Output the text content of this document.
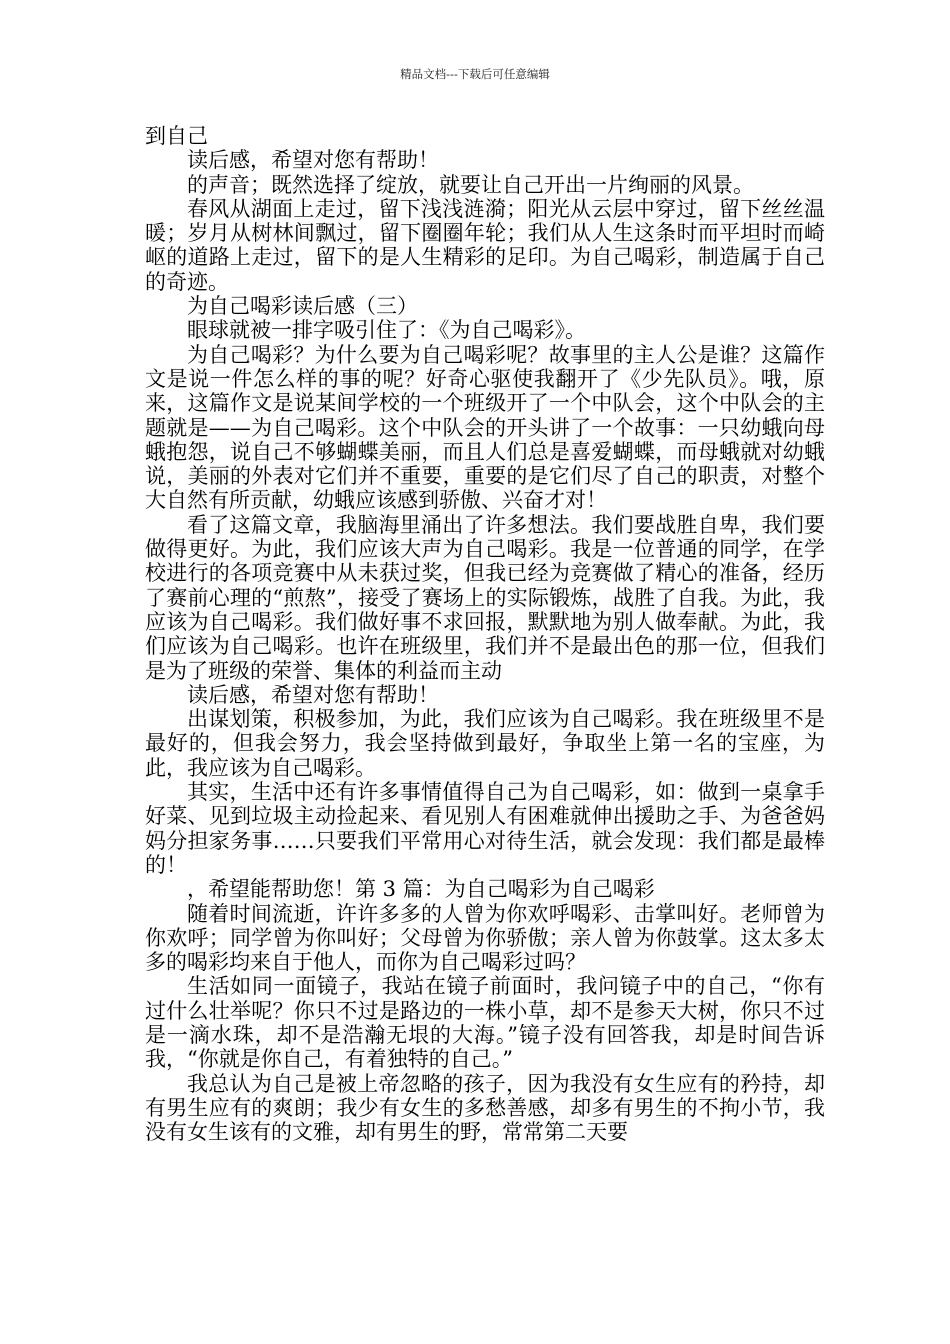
精品文档---下载后可任意编辑

到自己

读后感，希望对您有帮助！

的声音；既然选择了绽放，就要让自己开出一片绚丽的风景。

春风从湖面上走过，留下浅浅涟漪；阳光从云层中穿过，留下丝丝温暖；岁月从树林间飘过，留下圈圈年轮；我们从人生这条时而平坦时而崎岖的道路上走过，留下的是人生精彩的足印。为自己喝彩，制造属于自己的奇迹。

为自己喝彩读后感（三）

眼球就被一排字吸引住了：《为自己喝彩》。

为自己喝彩？为什么要为自己喝彩呢？故事里的主人公是谁？这篇作文是说一件怎么样的事的呢？好奇心驱使我翻开了《少先队员》。哦，原来，这篇作文是说某间学校的一个班级开了一个中队会，这个中队会的主题就是——为自己喝彩。这个中队会的开头讲了一个故事：一只幼蛾向母蛾抱怨，说自己不够蝴蝶美丽，而且人们总是喜爱蝴蝶，而母蛾就对幼蛾说，美丽的外表对它们并不重要，重要的是它们尽了自己的职责，对整个大自然有所贡献，幼蛾应该感到骄傲、兴奋才对！

看了这篇文章，我脑海里涌出了许多想法。我们要战胜自卑，我们要做得更好。为此，我们应该大声为自己喝彩。我是一位普通的同学，在学校进行的各项竞赛中从未获过奖，但我已经为竞赛做了精心的准备，经历了赛前心理的“煎熬”，接受了赛场上的实际锻炼，战胜了自我。为此，我应该为自己喝彩。我们做好事不求回报，默默地为别人做奉献。为此，我们应该为自己喝彩。也许在班级里，我们并不是最出色的那一位，但我们是为了班级的荣誉、集体的利益而主动

读后感，希望对您有帮助！

出谋划策，积极参加，为此，我们应该为自己喝彩。我在班级里不是最好的，但我会努力，我会坚持做到最好，争取坐上第一名的宝座，为此，我应该为自己喝彩。

其实，生活中还有许多事情值得自己为自己喝彩，如：做到一桌拿手好菜、见到垃圾主动捡起来、看见别人有困难就伸出援助之手、为爸爸妈妈分担家务事……只要我们平常用心对待生活，就会发现：我们都是最棒的！

，希望能帮助您！第 3 篇：为自己喝彩为自己喝彩

随着时间流逝，许许多多的人曾为你欢呼喝彩、击掌叫好。老师曾为你欢呼；同学曾为你叫好；父母曾为你骄傲；亲人曾为你鼓掌。这太多太多的喝彩均来自于他人，而你为自己喝彩过吗？

生活如同一面镜子，我站在镜子前面时，我问镜子中的自己，“你有过什么壮举呢？你只不过是路边的一株小草，却不是参天大树，你只不过是一滴水珠，却不是浩瀚无垠的大海。”镜子没有回答我，却是时间告诉我，“你就是你自己，有着独特的自己。”

我总认为自己是被上帝忽略的孩子，因为我没有女生应有的矜持，却有男生应有的爽朗；我少有女生的多愁善感，却多有男生的不拘小节，我没有女生该有的文雅，却有男生的野，常常第二天要
